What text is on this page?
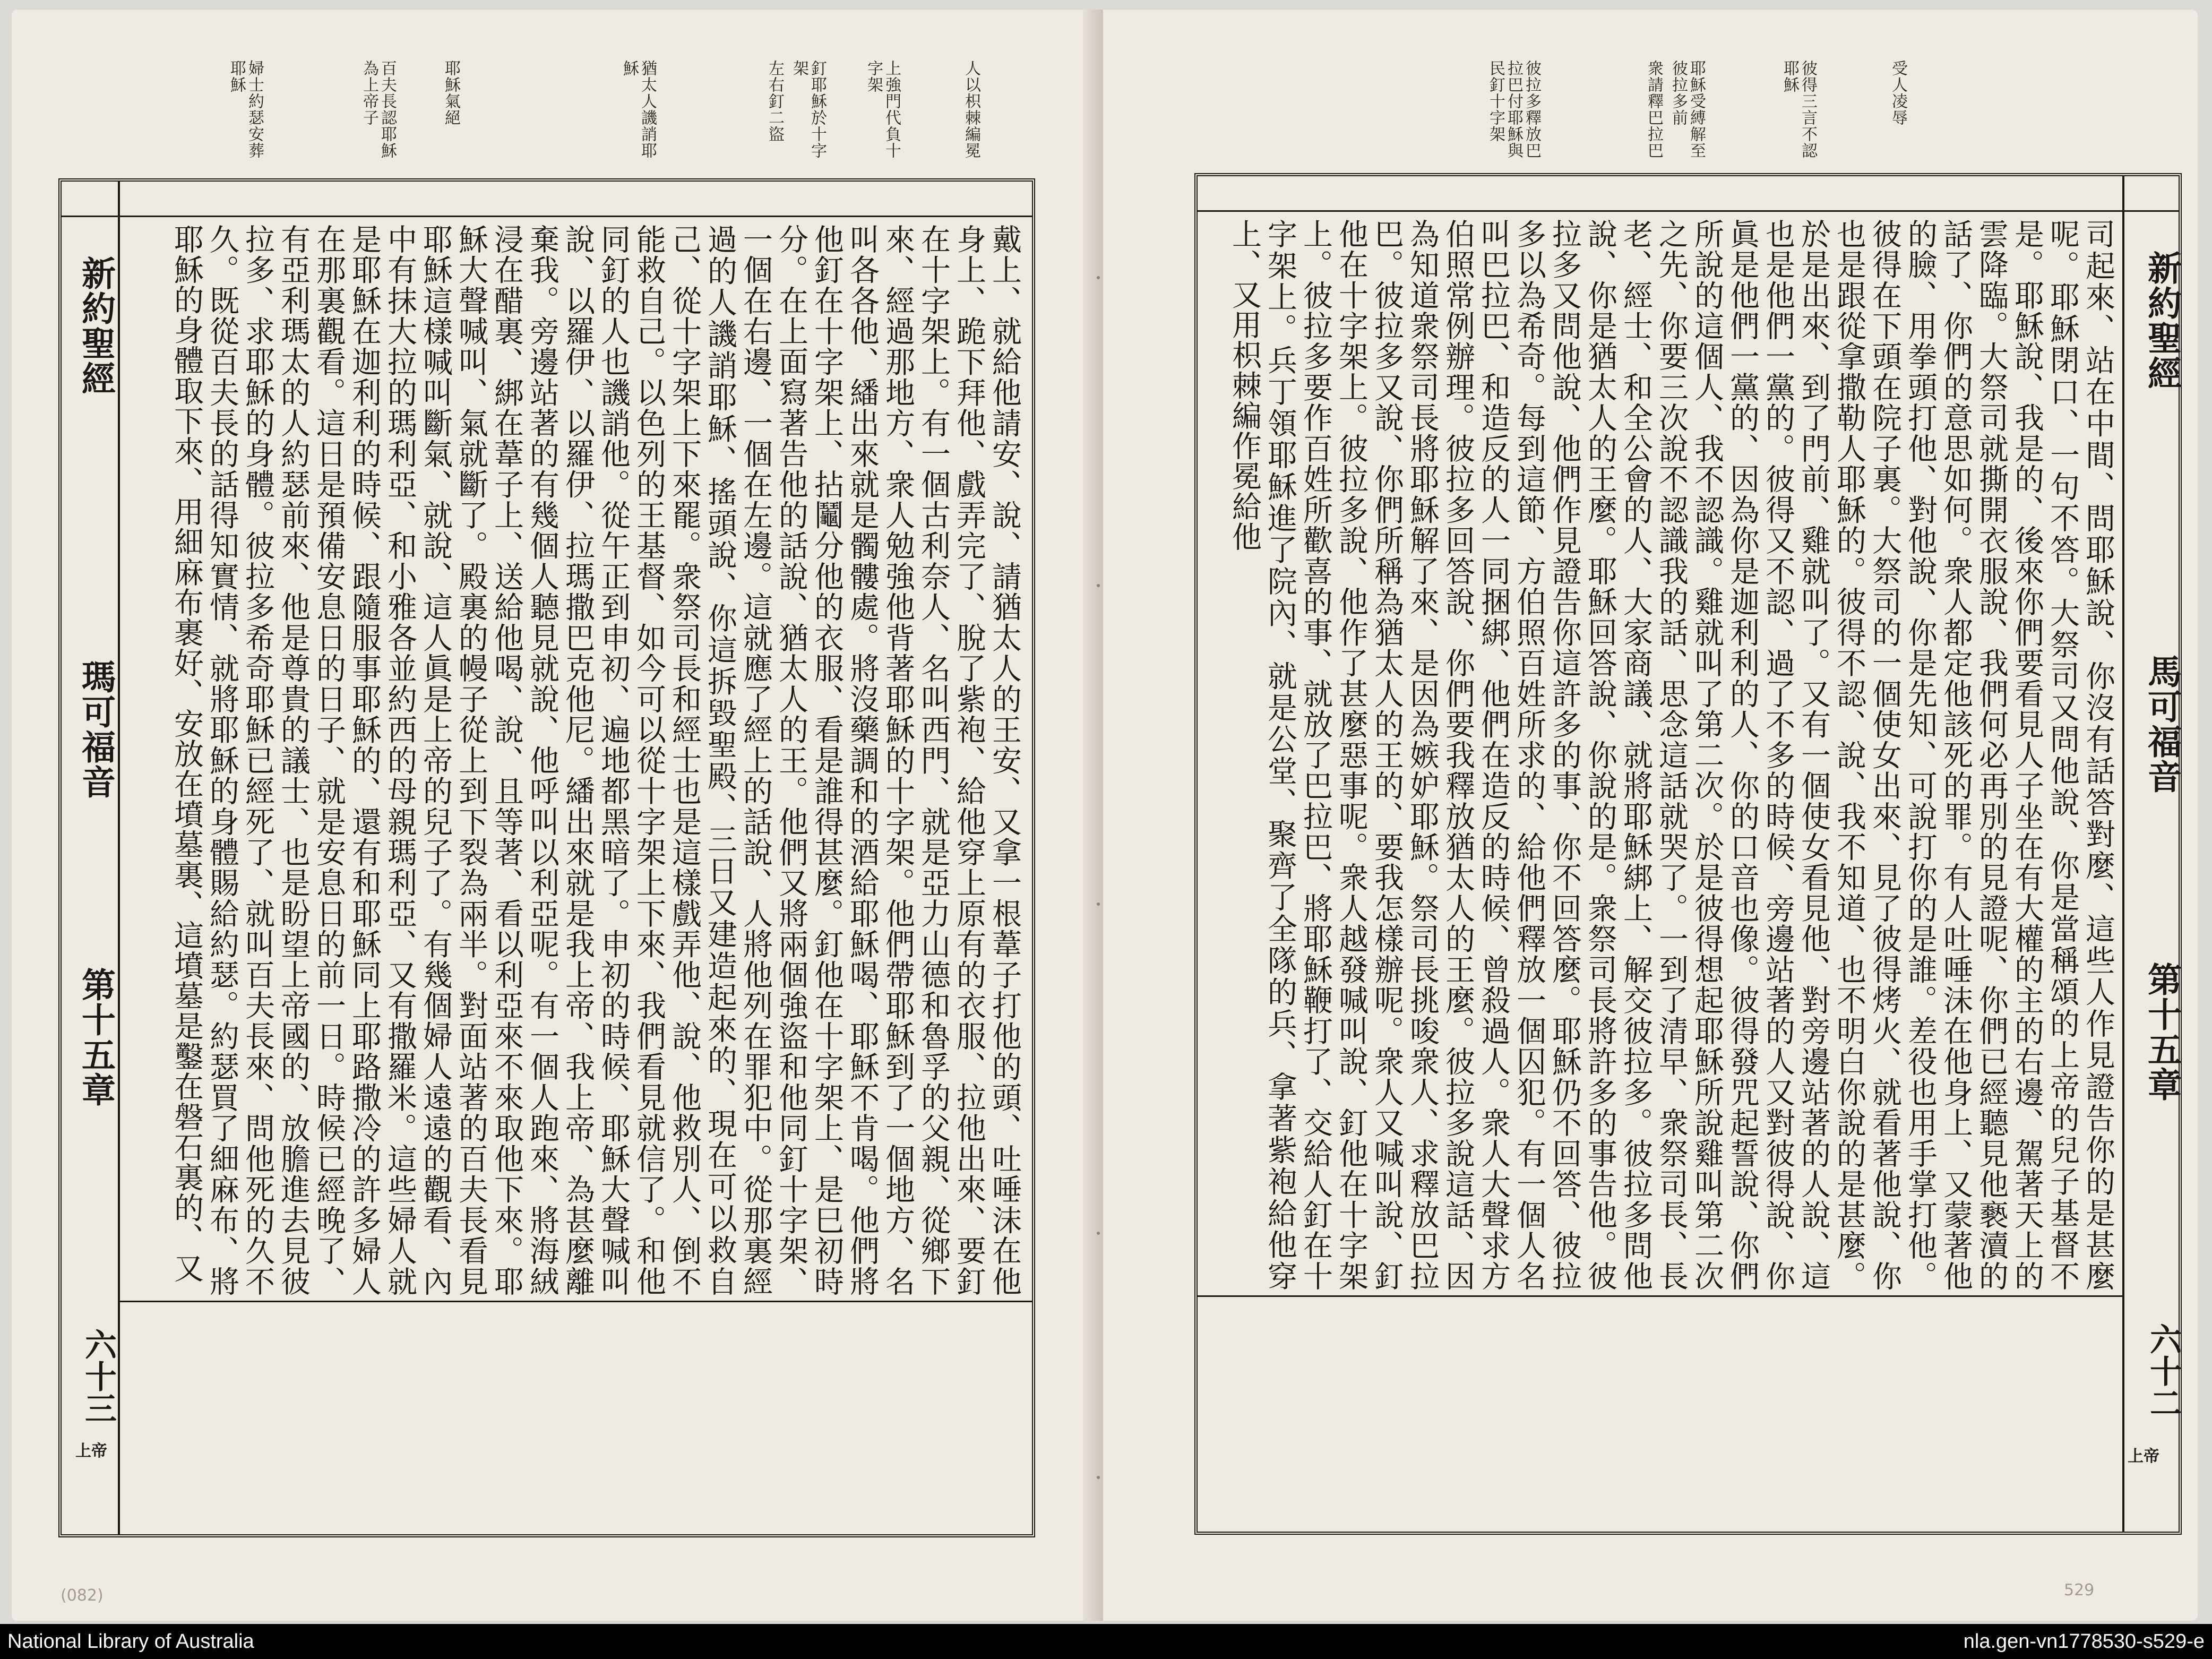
人以枳棘編冕
上強門代負十字架
釘耶穌於十字架
左右釘二盜
猶太人譏誚耶穌
耶穌氣絕
百夫長認耶穌為上帝子
婦士約瑟安葬耶穌
新約聖經
瑪可福音
第十五章
六十三
戴上、就給他請安、說、請猶太人的王安、又拿一根葦子打他的頭、吐唾沫在他身上、跪下拜他、戲弄完了、脫了紫袍、給他穿上原有的衣服、拉他出來、要釘在十字架上。有一個古利奈人、名叫西門、就是亞力山德和魯孚的父親、從鄉下來、經過那地方、衆人勉強他背著耶穌的十字架。他們帶耶穌到了一個地方、名叫各各他、繙出來就是髑髏處。將沒藥調和的酒給耶穌喝、耶穌不肯喝。他們將他釘在十字架上、拈鬮分他的衣服、看是誰得甚麼。釘他在十字架上、是巳初時分。在上面寫著告他的話說、猶太人的王。他們又將兩個強盜和他同釘十字架、一個在右邊、一個在左邊。這就應了經上的話說、人將他列在罪犯中。從那裏經過的人譏誚耶穌、搖頭說、你這拆毀聖殿、三日又建造起來的、現在可以救自己、從十字架上下來罷。衆祭司長和經士也是這樣戲弄他、說、他救別人、倒不能救自己。以色列的王基督、如今可以從十字架上下來、我們看見就信了。和他同釘的人也譏誚他。從午正到申初、遍地都黑暗了。申初的時候、耶穌大聲喊叫說、以羅伊、以羅伊、拉瑪撒巴克他尼。繙出來就是我上帝、我上帝、為甚麼離棄我。旁邊站著的有幾個人聽見就說、他呼叫以利亞呢。有一個人跑來、將海絨浸在醋裏、綁在葦子上、送給他喝、說、且等著、看以利亞來不來取他下來。耶穌大聲喊叫、氣就斷了。殿裏的幔子從上到下裂為兩半。對面站著的百夫長看見耶穌這樣喊叫斷氣、就說、這人眞是上帝的兒子了。有幾個婦人遠遠的觀看、內中有抹大拉的瑪利亞、和小雅各並約西的母親瑪利亞、又有撒羅米。這些婦人就是耶穌在迦利利的時候、跟隨服事耶穌的、還有和耶穌同上耶路撒冷的許多婦人在那裏觀看。這日是預備安息日的日子、就是安息日的前一日。時候已經晚了、有亞利瑪太的人約瑟前來、他是尊貴的議士、也是盼望上帝國的、放膽進去見彼拉多、求耶穌的身體。彼拉多希奇耶穌已經死了、就叫百夫長來、問他死的久不久。既從百夫長的話得知實情、就將耶穌的身體賜給約瑟。約瑟買了細麻布、將耶穌的身體取下來、用細麻布裹好、安放在墳墓裏、這墳墓是鑿在磐石裏的、又
上帝
(082)
受人凌辱
彼得三言不認耶穌
耶穌受縛解至彼拉多前
衆請釋巴拉巴
彼拉多釋放巴拉巴付耶穌與民釘十字架
新約聖經
馬可福音
第十五章
六十二
司起來、站在中間、問耶穌說、你沒有話答對麼、這些人作見證告你的是甚麼呢。耶穌閉口、一句不答。大祭司又問他說、你是當稱頌的上帝的兒子基督不是。耶穌說、我是的、後來你們要看見人子坐在有大權的主的右邊、駕著天上的雲降臨。大祭司就撕開衣服說、我們何必再別的見證呢、你們已經聽見他褻瀆的話了、你們的意思如何。衆人都定他該死的罪。有人吐唾沫在他身上、又蒙著他的臉、用拳頭打他、對他說、你是先知、可說打你的是誰。差役也用手掌打他。彼得在下頭在院子裏。大祭司的一個使女出來、見了彼得烤火、就看著他說、你也是跟從拿撒勒人耶穌的。彼得不認、說、我不知道、也不明白你說的是甚麼。於是出來、到了門前、雞就叫了。又有一個使女看見他、對旁邊站著的人說、這也是他們一黨的。彼得又不認、過了不多的時候、旁邊站著的人又對彼得說、你眞是他們一黨的、因為你是迦利利的人、你的口音也像。彼得發咒起誓說、你們所說的這個人、我不認識。雞就叫了第二次。於是彼得想起耶穌所說雞叫第二次之先、你要三次說不認識我的話、思念這話就哭了。一到了清早、衆祭司長、長老、經士、和全公會的人、大家商議、就將耶穌綁上、解交彼拉多。彼拉多問他說、你是猶太人的王麼。耶穌回答說、你說的是。衆祭司長將許多的事告他。彼拉多又問他說、他們作見證告你這許多的事、你不回答麼。耶穌仍不回答、彼拉多以為希奇。每到這節、方伯照百姓所求的、給他們釋放一個囚犯。有一個人名叫巴拉巴、和造反的人一同捆綁、他們在造反的時候、曾殺過人。衆人大聲求方伯照常例辦理。彼拉多回答說、你們要我釋放猶太人的王麼。彼拉多說這話、因為知道衆祭司長將耶穌解了來、是因為嫉妒耶穌。祭司長挑唆衆人、求釋放巴拉巴。彼拉多又說、你們所稱為猶太人的王的、要我怎樣辦呢。衆人又喊叫說、釘他在十字架上。彼拉多說、他作了甚麼惡事呢。衆人越發喊叫說、釘他在十字架上。彼拉多要作百姓所歡喜的事、就放了巴拉巴、將耶穌鞭打了、交給人釘在十字架上。兵丁領耶穌進了院內、就是公堂、聚齊了全隊的兵、拿著紫袍給他穿上、又用枳棘編作冕給他
上帝
529
National Library of Australia	nla.gen-vn1778530-s529-e
